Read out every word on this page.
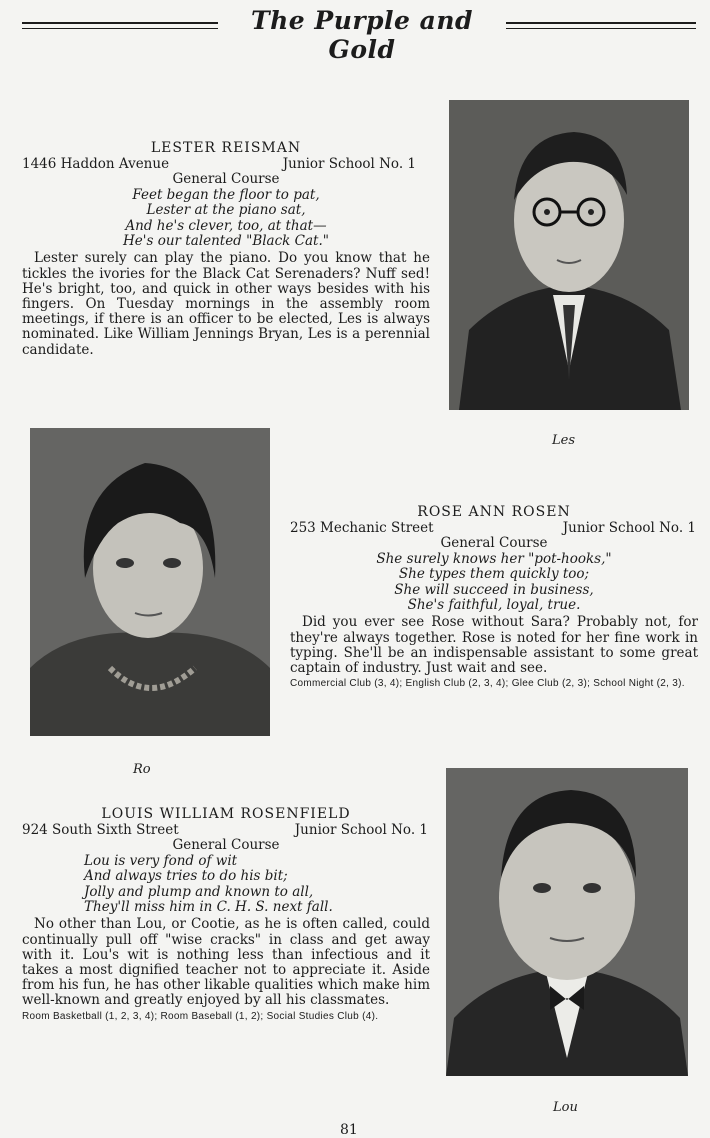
The Purple and Gold
LESTER REISMAN
1446 Haddon Avenue	Junior School No. 1
General Course
Feet began the floor to pat,
Lester at the piano sat,
And he's clever, too, at that—
He's our talented "Black Cat."
Lester surely can play the piano. Do you know that he tickles the ivories for the Black Cat Serenaders? Nuff sed! He's bright, too, and quick in other ways besides with his fingers. On Tuesday mornings in the assembly room meetings, if there is an officer to be elected, Les is always nominated. Like William Jennings Bryan, Les is a perennial candidate.
Les
Ro
ROSE ANN ROSEN
253 Mechanic Street	Junior School No. 1
General Course
She surely knows her "pot-hooks,"
She types them quickly too;
She will succeed in business,
She's faithful, loyal, true.
Did you ever see Rose without Sara? Probably not, for they're always together. Rose is noted for her fine work in typing. She'll be an indispensable assistant to some great captain of industry. Just wait and see.
Commercial Club (3, 4); English Club (2, 3, 4); Glee Club (2, 3); School Night (2, 3).
LOUIS WILLIAM ROSENFIELD
924 South Sixth Street	Junior School No. 1
General Course
Lou is very fond of wit
And always tries to do his bit;
Jolly and plump and known to all,
They'll miss him in C. H. S. next fall.
No other than Lou, or Cootie, as he is often called, could continually pull off "wise cracks" in class and get away with it. Lou's wit is nothing less than infectious and it takes a most dignified teacher not to appreciate it. Aside from his fun, he has other likable qualities which make him well-known and greatly enjoyed by all his classmates.
Room Basketball (1, 2, 3, 4); Room Baseball (1, 2); Social Studies Club (4).
Lou
81
